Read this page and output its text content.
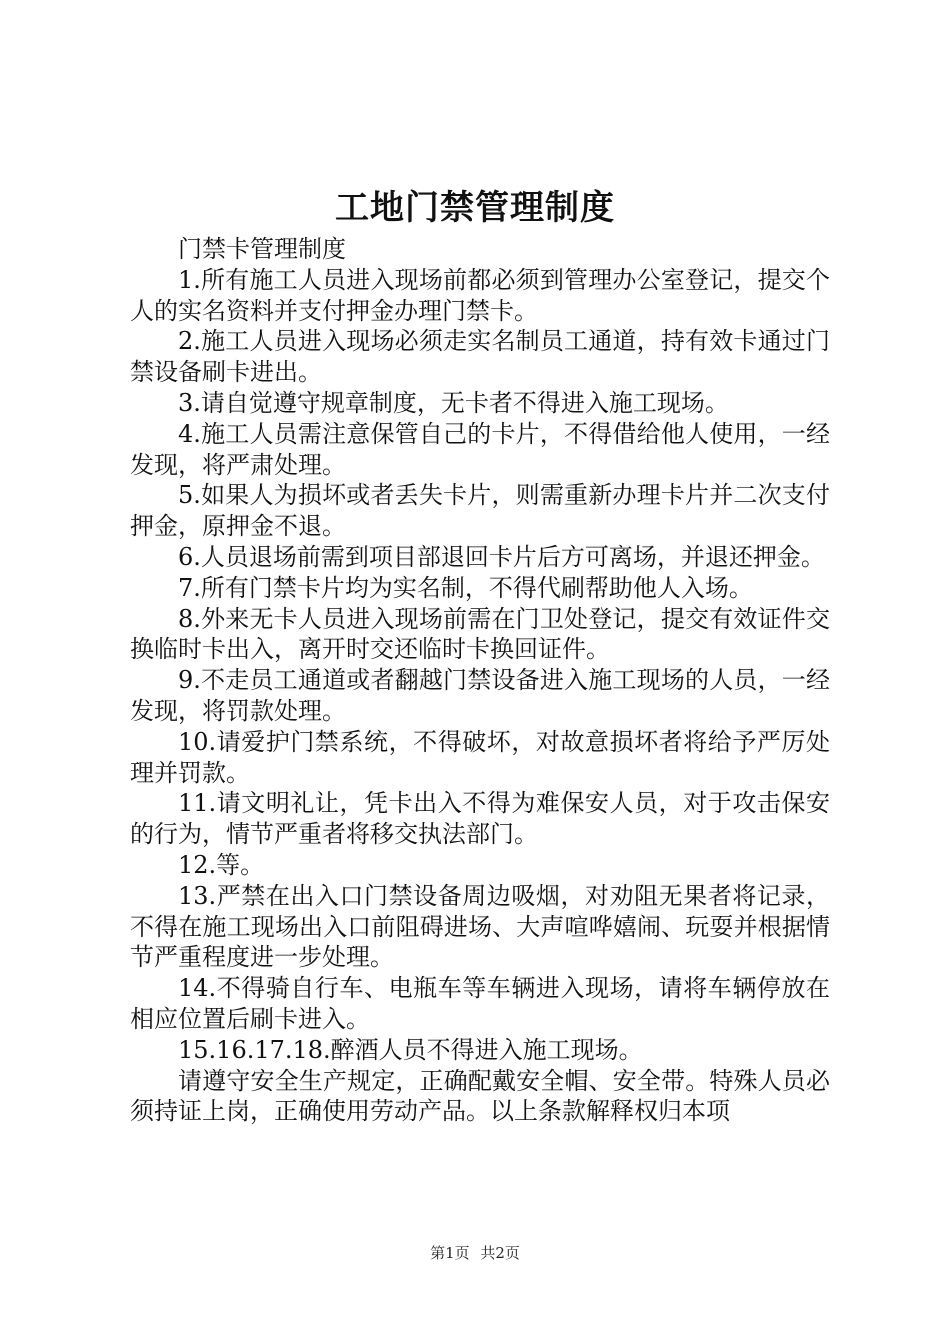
工地门禁管理制度

门禁卡管理制度

1.所有施工人员进入现场前都必须到管理办公室登记，提交个人的实名资料并支付押金办理门禁卡。

2.施工人员进入现场必须走实名制员工通道，持有效卡通过门禁设备刷卡进出。

3.请自觉遵守规章制度，无卡者不得进入施工现场。

4.施工人员需注意保管自己的卡片，不得借给他人使用，一经发现，将严肃处理。

5.如果人为损坏或者丢失卡片，则需重新办理卡片并二次支付押金，原押金不退。

6.人员退场前需到项目部退回卡片后方可离场，并退还押金。

7.所有门禁卡片均为实名制，不得代刷帮助他人入场。

8.外来无卡人员进入现场前需在门卫处登记，提交有效证件交换临时卡出入，离开时交还临时卡换回证件。

9.不走员工通道或者翻越门禁设备进入施工现场的人员，一经发现，将罚款处理。

10.请爱护门禁系统，不得破坏，对故意损坏者将给予严厉处理并罚款。

11.请文明礼让，凭卡出入不得为难保安人员，对于攻击保安的行为，情节严重者将移交执法部门。

12.等。

13.严禁在出入口门禁设备周边吸烟，对劝阻无果者将记录，不得在施工现场出入口前阻碍进场、大声喧哗嬉闹、玩耍并根据情节严重程度进一步处理。

14.不得骑自行车、电瓶车等车辆进入现场，请将车辆停放在相应位置后刷卡进入。

15.16.17.18.醉酒人员不得进入施工现场。

请遵守安全生产规定，正确配戴安全帽、安全带。特殊人员必须持证上岗，正确使用劳动产品。以上条款解释权归本项

第1页 共2页
